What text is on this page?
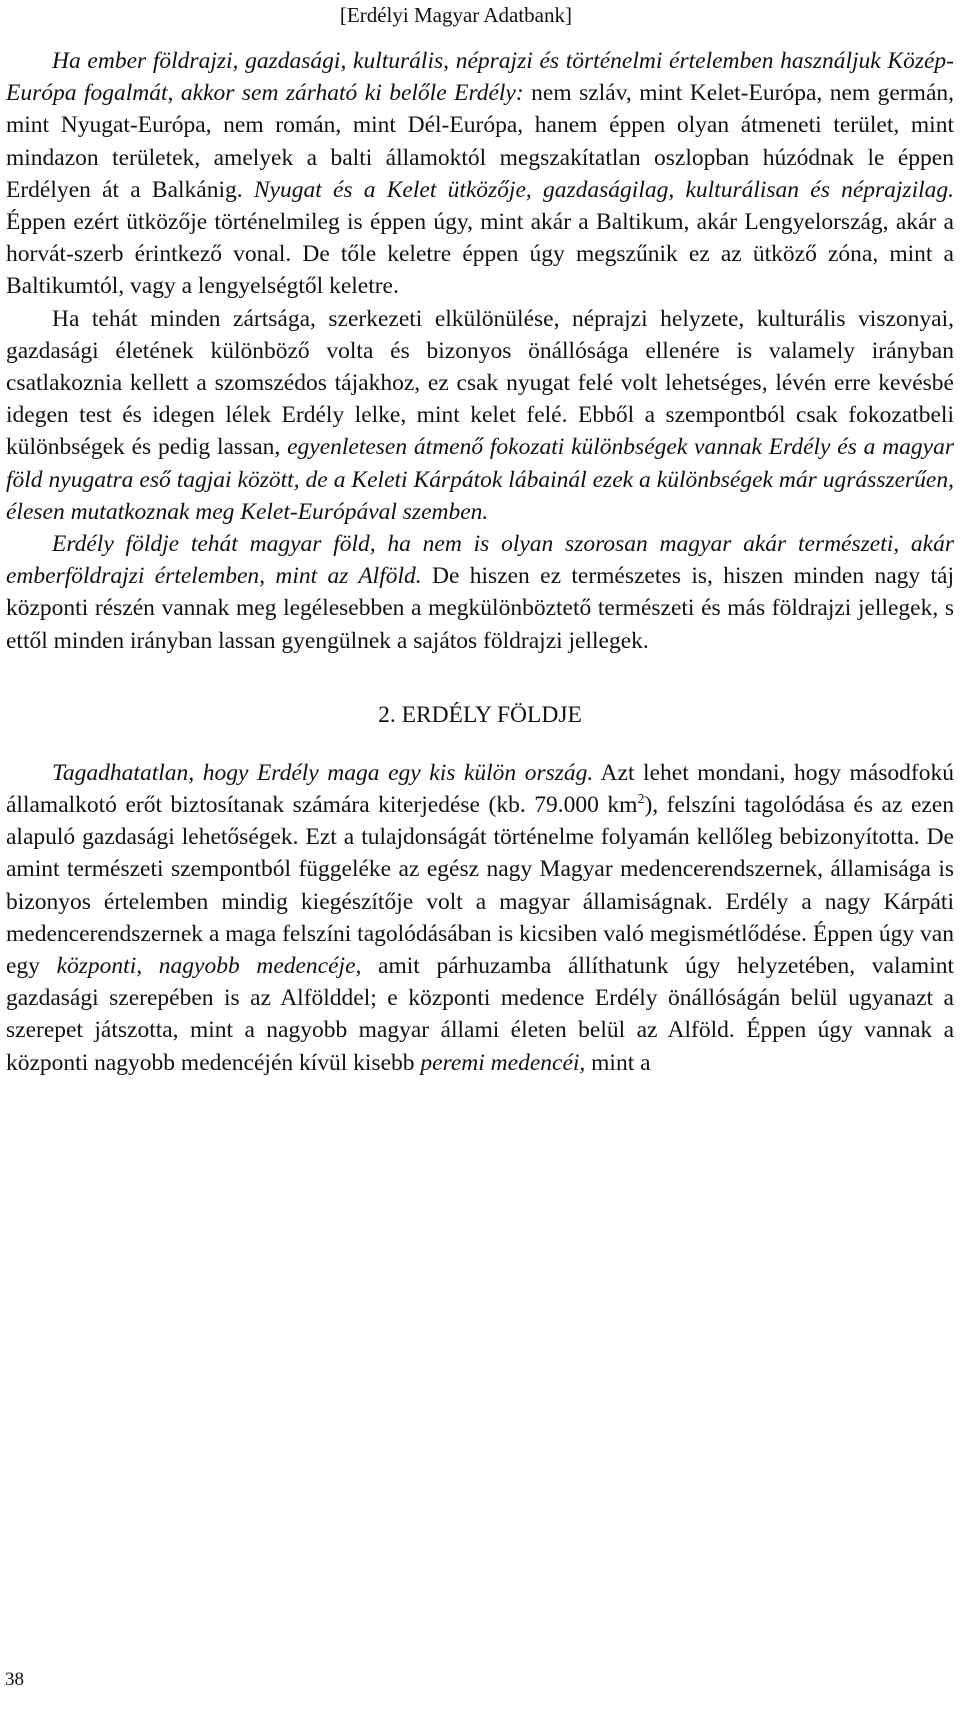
[Erdélyi Magyar Adatbank]

Ha ember földrajzi, gazdasági, kulturális, néprajzi és történelmi értelemben használjuk Közép-Európa fogalmát, akkor sem zárható ki belőle Erdély: nem szláv, mint Kelet-Európa, nem germán, mint Nyugat-Európa, nem román, mint Dél-Európa, hanem éppen olyan átmeneti terület, mint mindazon területek, amelyek a balti államoktól megszakítatlan oszlopban húzódnak le éppen Erdélyen át a Balkánig. Nyugat és a Kelet ütközője, gazdaságilag, kulturálisan és néprajzilag. Éppen ezért ütközője történelmileg is éppen úgy, mint akár a Baltikum, akár Lengyelország, akár a horvát-szerb érintkező vonal. De tőle keletre éppen úgy megszűnik ez az ütköző zóna, mint a Baltikumtól, vagy a lengyelségtől keletre.

Ha tehát minden zártsága, szerkezeti elkülönülése, néprajzi helyzete, kulturális viszonyai, gazdasági életének különböző volta és bizonyos önállósága ellenére is valamely irányban csatlakoznia kellett a szomszédos tájakhoz, ez csak nyugat felé volt lehetséges, lévén erre kevésbé idegen test és idegen lélek Erdély lelke, mint kelet felé. Ebből a szempontból csak fokozatbeli különbségek és pedig lassan, egyenletesen átmenő fokozati különbségek vannak Erdély és a magyar föld nyugatra eső tagjai között, de a Keleti Kárpátok lábainál ezek a különbségek már ugrásszerűen, élesen mutatkoznak meg Kelet-Európával szemben.

Erdély földje tehát magyar föld, ha nem is olyan szorosan magyar akár természeti, akár emberföldrajzi értelemben, mint az Alföld. De hiszen ez természetes is, hiszen minden nagy táj központi részén vannak meg legélesebben a megkülönböztető természeti és más földrajzi jellegek, s ettől minden irányban lassan gyengülnek a sajátos földrajzi jellegek.

2. ERDÉLY FÖLDJE

Tagadhatatlan, hogy Erdély maga egy kis külön ország. Azt lehet mondani, hogy másodfokú államalkotó erőt biztosítanak számára kiterjedése (kb. 79.000 $km^2$), felszíni tagolódása és az ezen alapuló gazdasági lehetőségek. Ezt a tulajdonságát történelme folyamán kellőleg bebizonyította. De amint természeti szempontból függeléke az egész nagy Magyar medencerendszernek, államisága is bizonyos értelemben mindig kiegészítője volt a magyar államiságnak. Erdély a nagy Kárpáti medencerendszernek a maga felszíni tagolódásában is kicsiben való megismétlődése. Éppen úgy van egy központi, nagyobb medencéje, amit párhuzamba állíthatunk úgy helyzetében, valamint gazdasági szerepében is az Alfölddel; e központi medence Erdély önállóságán belül ugyanazt a szerepet játszotta, mint a nagyobb magyar állami életen belül az Alföld. Éppen úgy vannak a központi nagyobb medencéjén kívül kisebb peremi medencéi, mint a

38
